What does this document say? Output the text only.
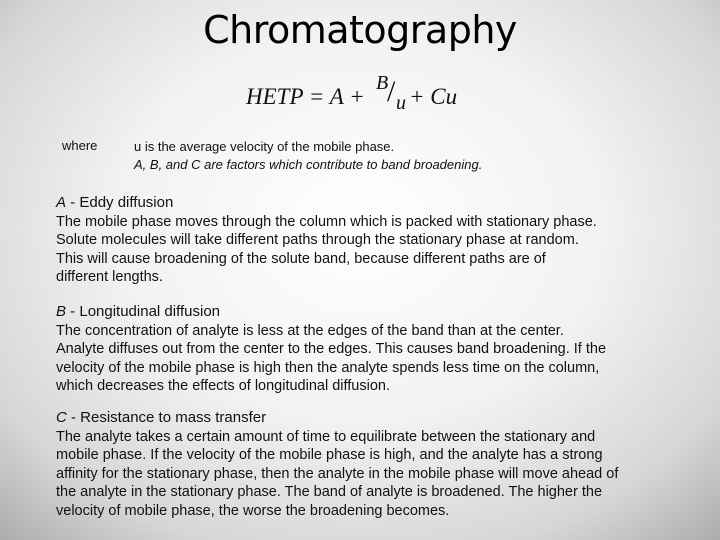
Chromatography
HETP = A +
B
/ u + Cu
where	u is the average velocity of the mobile phase.
A, B, and C are factors which contribute to band broadening.
A - Eddy diffusion
The mobile phase moves through the column which is packed with stationary phase.
Solute molecules will take different paths through the stationary phase at random.
This will cause broadening of the solute band, because different paths are of
different lengths.
B - Longitudinal diffusion
The concentration of analyte is less at the edges of the band than at the center.
Analyte diffuses out from the center to the edges. This causes band broadening. If the
velocity of the mobile phase is high then the analyte spends less time on the column,
which decreases the effects of longitudinal diffusion.
C - Resistance to mass transfer
The analyte takes a certain amount of time to equilibrate between the stationary and
mobile phase. If the velocity of the mobile phase is high, and the analyte has a strong
affinity for the stationary phase, then the analyte in the mobile phase will move ahead of
the analyte in the stationary phase. The band of analyte is broadened. The higher the
velocity of mobile phase, the worse the broadening becomes.
